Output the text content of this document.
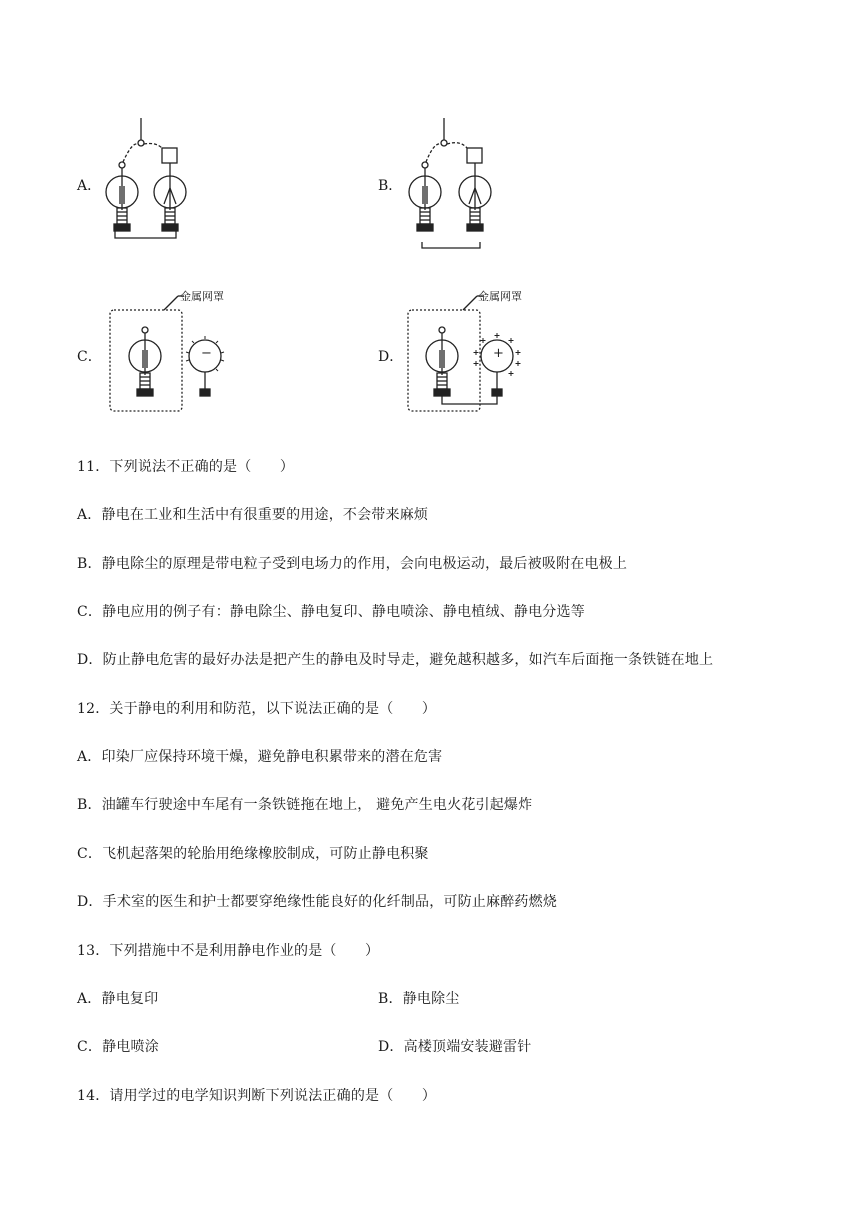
A．	B．
C．	D．
金属网罩
−
金属网罩
+
11．下列说法不正确的是（　　）
A．静电在工业和生活中有很重要的用途，不会带来麻烦
B．静电除尘的原理是带电粒子受到电场力的作用，会向电极运动，最后被吸附在电极上
C．静电应用的例子有：静电除尘、静电复印、静电喷涂、静电植绒、静电分选等
D．防止静电危害的最好办法是把产生的静电及时导走，避免越积越多，如汽车后面拖一条铁链在地上
12．关于静电的利用和防范，以下说法正确的是（　　）
A．印染厂应保持环境干燥，避免静电积累带来的潜在危害
B．油罐车行驶途中车尾有一条铁链拖在地上， 避免产生电火花引起爆炸
C．飞机起落架的轮胎用绝缘橡胶制成，可防止静电积聚
D．手术室的医生和护士都要穿绝缘性能良好的化纤制品，可防止麻醉药燃烧
13．下列措施中不是利用静电作业的是（　　）
A．静电复印	B．静电除尘
C．静电喷涂	D．高楼顶端安装避雷针
14．请用学过的电学知识判断下列说法正确的是（　　）
